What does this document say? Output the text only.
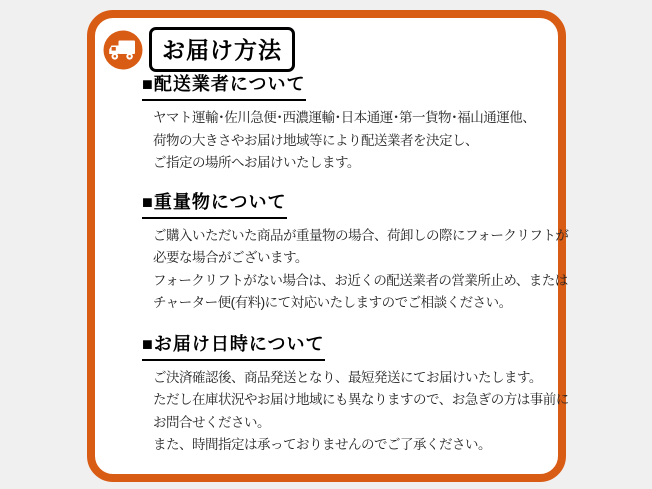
お届け方法
■配送業者について
ヤマト運輸･佐川急便･西濃運輸･日本通運･第一貨物･福山通運他、
荷物の大きさやお届け地域等により配送業者を決定し、
ご指定の場所へお届けいたします。
■重量物について
ご購入いただいた商品が重量物の場合、荷卸しの際にフォークリフトが
必要な場合がございます。
フォークリフトがない場合は、お近くの配送業者の営業所止め、または
チャーター便(有料)にて対応いたしますのでご相談ください。
■お届け日時について
ご決済確認後、商品発送となり、最短発送にてお届けいたします。
ただし在庫状況やお届け地域にも異なりますので、お急ぎの方は事前に
お問合せください。
また、時間指定は承っておりませんのでご了承ください。
